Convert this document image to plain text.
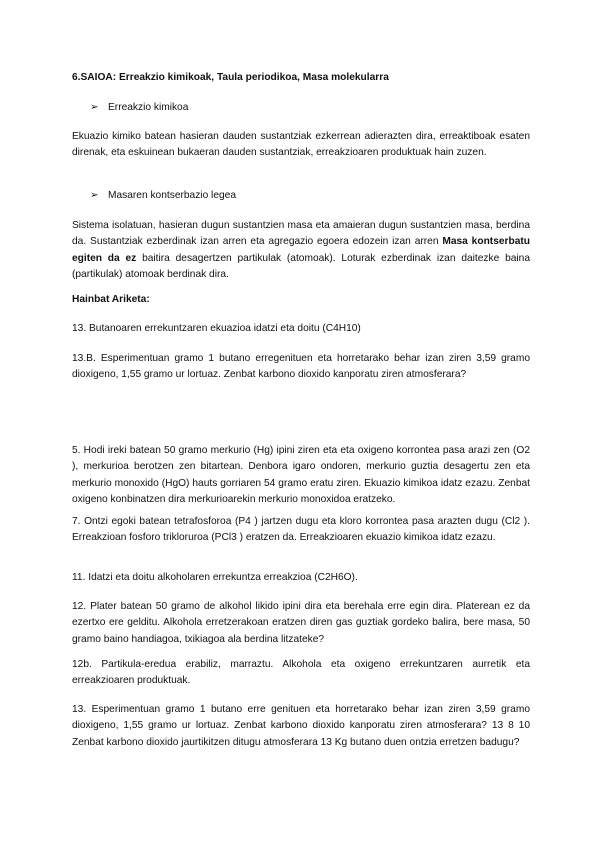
6.SAIOA: Erreakzio kimikoak, Taula periodikoa, Masa molekularra

➢ Erreakzio kimikoa

Ekuazio kimiko batean hasieran dauden sustantziak ezkerrean adierazten dira, erreaktiboak esaten direnak, eta eskuinean bukaeran dauden sustantziak, erreakzioaren produktuak hain zuzen.

➢ Masaren kontserbazio legea

Sistema isolatuan, hasieran dugun sustantzien masa eta amaieran dugun sustantzien masa, berdina da. Sustantziak ezberdinak izan arren eta agregazio egoera edozein izan arren Masa kontserbatu egiten da ez baitira desagertzen partikulak (atomoak). Loturak ezberdinak izan daitezke baina (partikulak) atomoak berdinak dira.

Hainbat Ariketa:

13. Butanoaren errekuntzaren ekuazioa idatzi eta doitu (C4H10)

13.B. Esperimentuan gramo 1 butano erregenituen eta horretarako behar izan ziren 3,59 gramo dioxigeno, 1,55 gramo ur lortuaz. Zenbat karbono dioxido kanporatu ziren atmosferara?

5. Hodi ireki batean 50 gramo merkurio (Hg) ipini ziren eta eta oxigeno korrontea pasa arazi zen (O2 ), merkurioa berotzen zen bitartean. Denbora igaro ondoren, merkurio guztia desagertu zen eta merkurio monoxido (HgO) hauts gorriaren 54 gramo eratu ziren. Ekuazio kimikoa idatz ezazu. Zenbat oxigeno konbinatzen dira merkurioarekin merkurio monoxidoa eratzeko.

7. Ontzi egoki batean tetrafosforoa (P4 ) jartzen dugu eta kloro korrontea pasa arazten dugu (Cl2 ). Erreakzioan fosforo trikloruroa (PCl3 ) eratzen da. Erreakzioaren ekuazio kimikoa idatz ezazu.

11. Idatzi eta doitu alkoholaren errekuntza erreakzioa (C2H6O).

12. Plater batean 50 gramo de alkohol likido ipini dira eta berehala erre egin dira. Platerean ez da ezertxo ere gelditu. Alkohola erretzerakoan eratzen diren gas guztiak gordeko balira, bere masa, 50 gramo baino handiagoa, txikiagoa ala berdina litzateke?

12b. Partikula-eredua erabiliz, marraztu. Alkohola eta oxigeno errekuntzaren aurretik eta erreakzioaren produktuak.

13. Esperimentuan gramo 1 butano erre genituen eta horretarako behar izan ziren 3,59 gramo dioxigeno, 1,55 gramo ur lortuaz. Zenbat karbono dioxido kanporatu ziren atmosferara? 13 8 10 Zenbat karbono dioxido jaurtikitzen ditugu atmosferara 13 Kg butano duen ontzia erretzen badugu?
